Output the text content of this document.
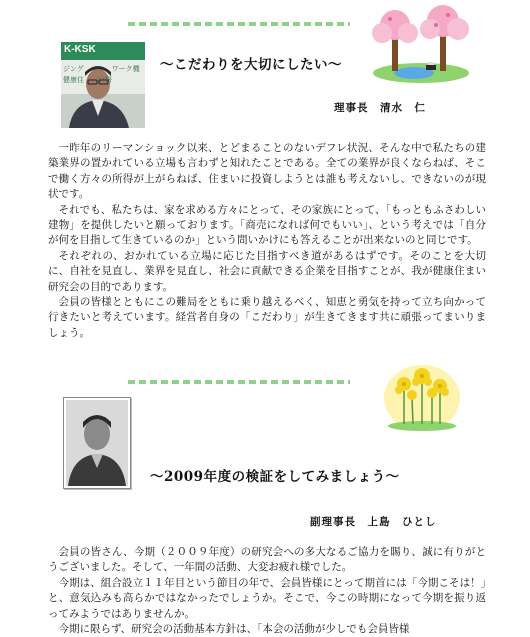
K-KSK
ジング　　　　ワーク機
健康住　　い研
～こだわりを大切にしたい～
理事長　清水　仁

一昨年のリーマンショック以来、とどまることのないデフレ状況、そんな中で私たちの建築業界の置かれている立場も言わずと知れたことである。全ての業界が良くならねば、そこで働く方々の所得が上がらねば、住まいに投資しようとは誰も考えないし、できないのが現状です。

それでも、私たちは、家を求める方々にとって、その家族にとって、「もっともふさわしい建物」を提供したいと願っております。「商売になれば何でもいい」、という考えでは「自分が何を目指して生きているのか」という問いかけにも答えることが出来ないのと同じです。

それぞれの、おかれている立場に応じた目指すべき道があるはずです。そのことを大切に、自社を見直し、業界を見直し、社会に貢献できる企業を目指すことが、我が健康住まい研究会の目的であります。

会員の皆様とともにこの難局をともに乗り越えるべく、知恵と勇気を持って立ち向かって行きたいと考えています。経営者自身の「こだわり」が生きてきます共に頑張ってまいりましょう。

～2009年度の検証をしてみましょう～
副理事長　上島　ひとし

会員の皆さん、今期（２００９年度）の研究会への多大なるご協力を賜り、誠に有りがとうございました。そして、一年間の活動、大変お疲れ様でした。

今期は、組合設立１１年目という節目の年で、会員皆様にとって期首には「今期こそは！」と、意気込みも高らかではなかったでしょうか。そこで、今この時期になって今期を振り返ってみようではありませんか。

今期に限らず、研究会の活動基本方針は、「本会の活動が少しでも会員皆様
